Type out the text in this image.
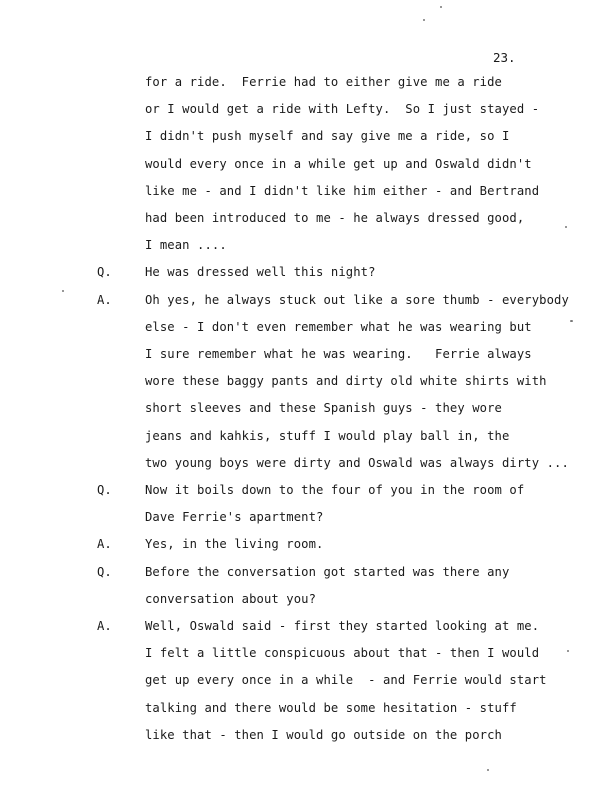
23.
for a ride.  Ferrie had to either give me a ride
or I would get a ride with Lefty.  So I just stayed -
I didn't push myself and say give me a ride, so I
would every once in a while get up and Oswald didn't
like me - and I didn't like him either - and Bertrand
had been introduced to me - he always dressed good,
I mean ....
Q.	He was dressed well this night?
A.	Oh yes, he always stuck out like a sore thumb - everybody
else - I don't even remember what he was wearing but
I sure remember what he was wearing.   Ferrie always
wore these baggy pants and dirty old white shirts with
short sleeves and these Spanish guys - they wore
jeans and kahkis, stuff I would play ball in, the
two young boys were dirty and Oswald was always dirty ...
Q.	Now it boils down to the four of you in the room of
Dave Ferrie's apartment?
A.	Yes, in the living room.
Q.	Before the conversation got started was there any
conversation about you?
A.	Well, Oswald said - first they started looking at me.
I felt a little conspicuous about that - then I would
get up every once in a while  - and Ferrie would start
talking and there would be some hesitation - stuff
like that - then I would go outside on the porch
